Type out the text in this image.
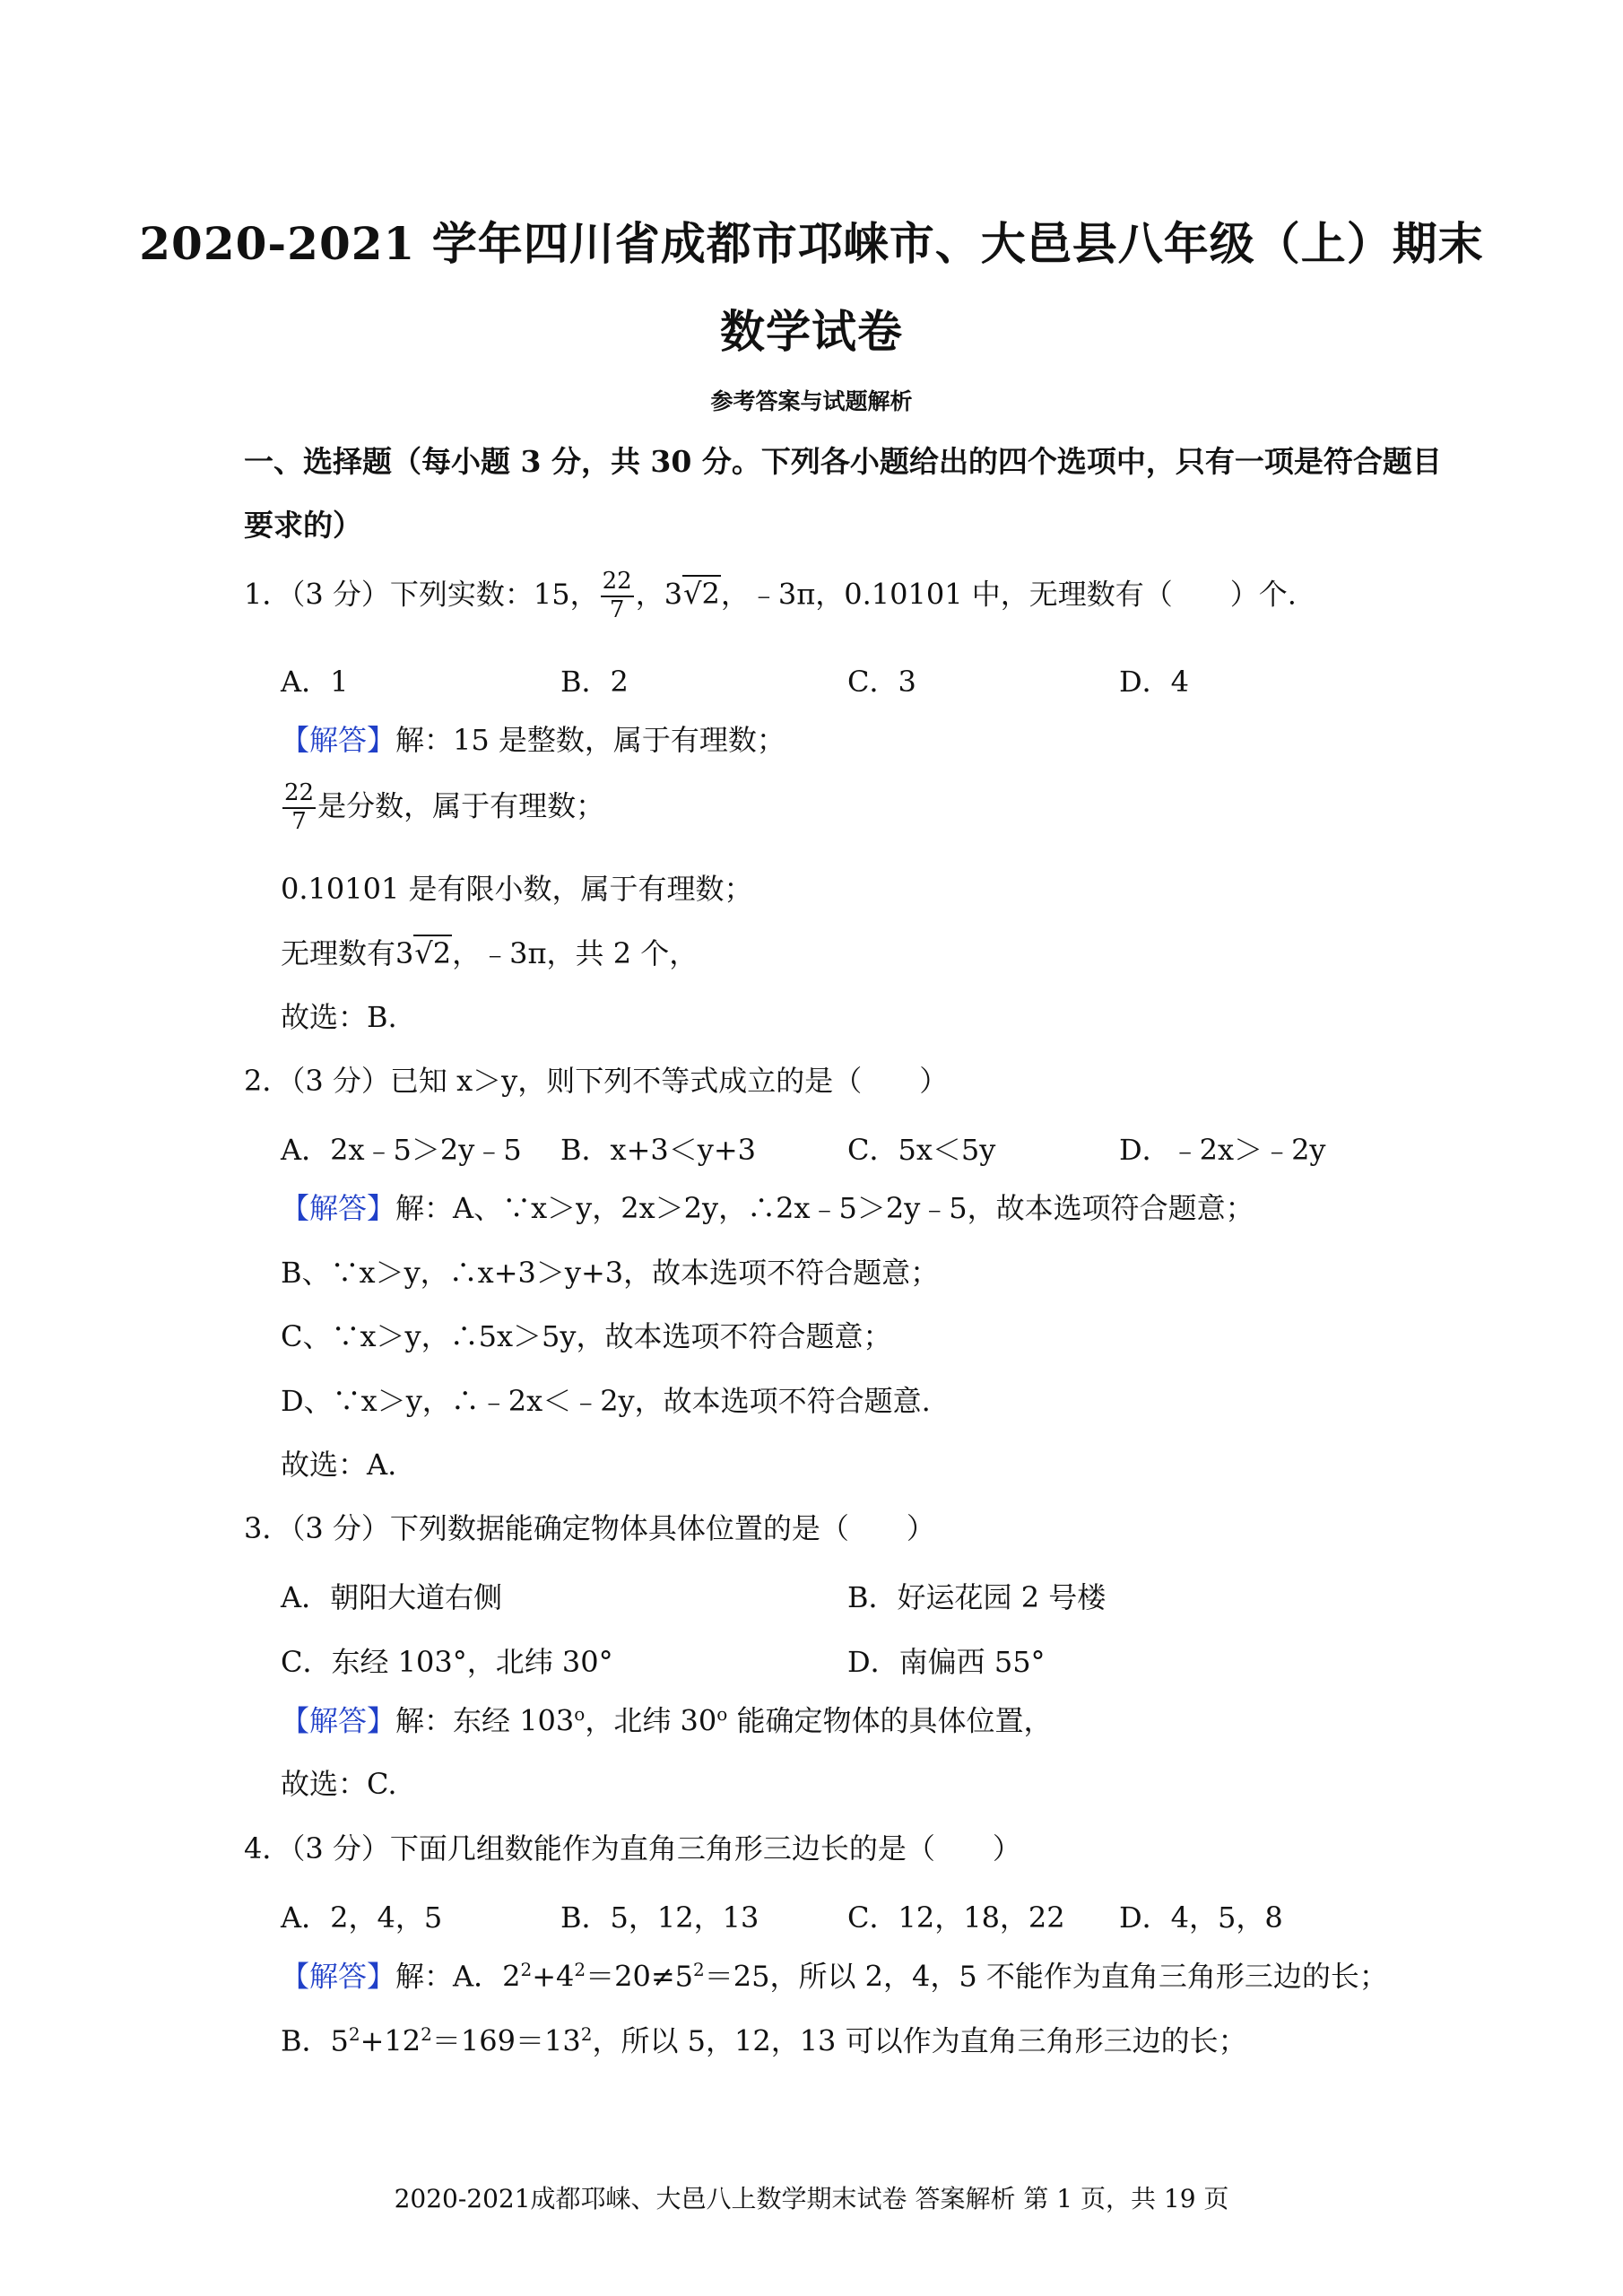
2020-2021 学年四川省成都市邛崃市、大邑县八年级（上）期末
数学试卷
参考答案与试题解析
一、选择题（每小题 3 分，共 30 分。下列各小题给出的四个选项中，只有一项是符合题目
要求的）
1．（3 分）下列实数：15， $\frac{22}{7}$ ，3√2，﹣3π，0.10101 中，无理数有（　　）个.
A．1	B．2	C．3	D．4
【解答】解：15 是整数，属于有理数；
$\frac{22}{7}$ 是分数，属于有理数；
0.10101 是有限小数，属于有理数；
无理数有3√2，﹣3π，共 2 个，
故选：B.
2．（3 分）已知 x＞y，则下列不等式成立的是（　　）
A．2x﹣5＞2y﹣5 B．x+3＜y+3	C．5x＜5y	D．﹣2x＞﹣2y
【解答】解：A、∵x＞y，2x＞2y，∴2x﹣5＞2y﹣5，故本选项符合题意；
B、∵x＞y，∴x+3＞y+3，故本选项不符合题意；
C、∵x＞y，∴5x＞5y，故本选项不符合题意；
D、∵x＞y，∴﹣2x＜﹣2y，故本选项不符合题意.
故选：A.
3．（3 分）下列数据能确定物体具体位置的是（　　）
A．朝阳大道右侧	B．好运花园 2 号楼
C．东经 103°，北纬 30°	D．南偏西 55°
【解答】解：东经 103$^o$，北纬 30$^o$ 能确定物体的具体位置，
故选：C.
4．（3 分）下面几组数能作为直角三角形三边长的是（　　）
A．2，4，5	B．5，12，13	C．12，18，22 D．4，5，8
【解答】解：A．$2^2+4^2=20\ne 5^2=25$，所以 2，4，5 不能作为直角三角形三边的长；
B．$5^2+12^2=169=13^2$，所以 5，12，13 可以作为直角三角形三边的长；
2020-2021成都邛崃、大邑八上数学期末试卷 答案解析 第 1 页，共 19 页
